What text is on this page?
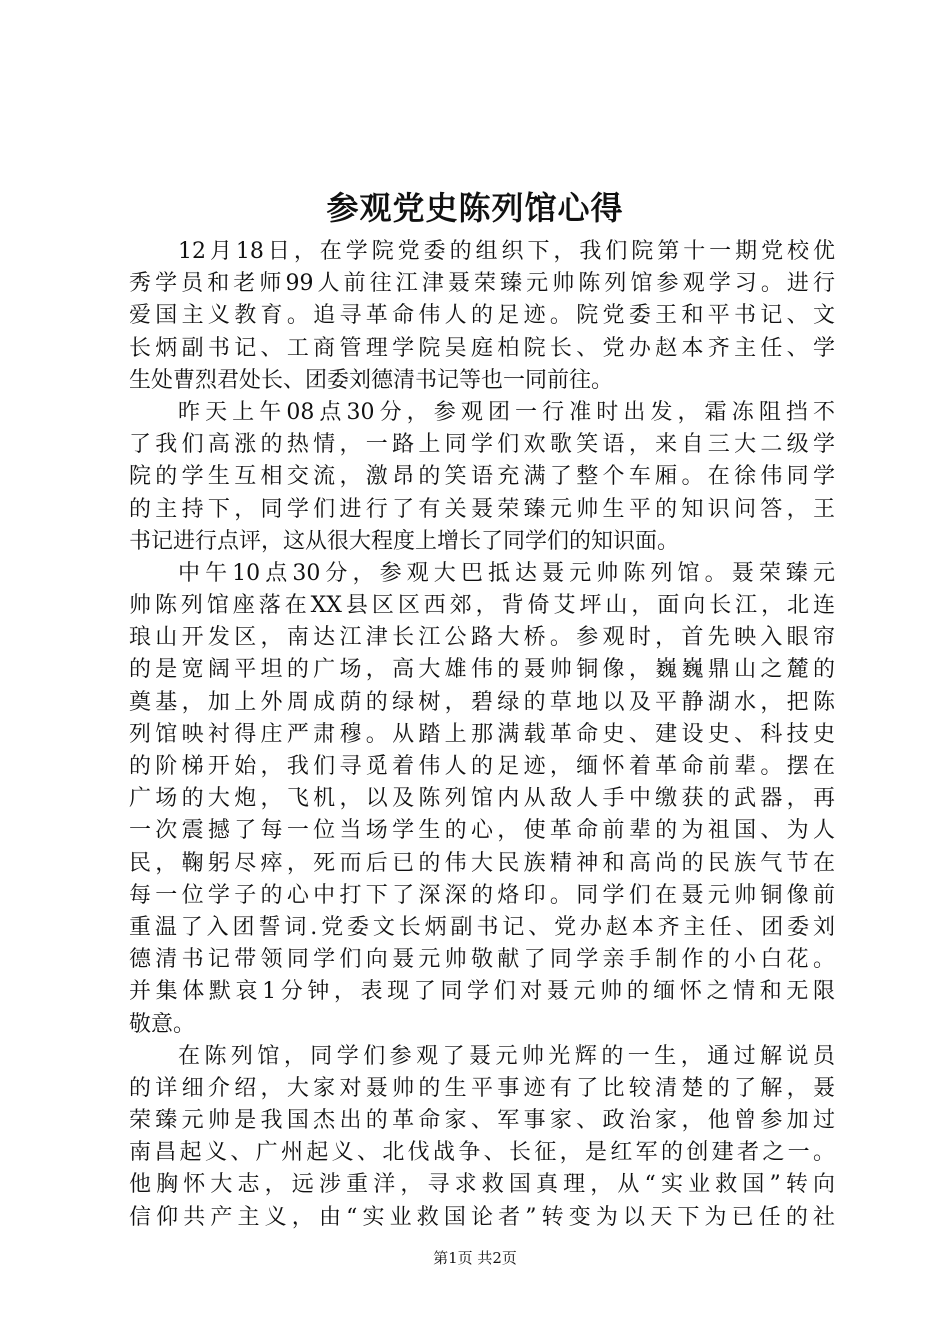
参观党史陈列馆心得
12月18日，在学院党委的组织下，我们院第十一期党校优
秀学员和老师99人前往江津聂荣臻元帅陈列馆参观学习。进行
爱国主义教育。追寻革命伟人的足迹。院党委王和平书记、文
长炳副书记、工商管理学院吴庭柏院长、党办赵本齐主任、学
生处曹烈君处长、团委刘德清书记等也一同前往。
昨天上午08点30分，参观团一行准时出发，霜冻阻挡不
了我们高涨的热情，一路上同学们欢歌笑语，来自三大二级学
院的学生互相交流，激昂的笑语充满了整个车厢。在徐伟同学
的主持下，同学们进行了有关聂荣臻元帅生平的知识问答，王
书记进行点评，这从很大程度上增长了同学们的知识面。
中午10点30分，参观大巴抵达聂元帅陈列馆。聂荣臻元
帅陈列馆座落在XX县区区西郊，背倚艾坪山，面向长江，北连
琅山开发区，南达江津长江公路大桥。参观时，首先映入眼帘
的是宽阔平坦的广场，高大雄伟的聂帅铜像，巍巍鼎山之麓的
奠基，加上外周成荫的绿树，碧绿的草地以及平静湖水，把陈
列馆映衬得庄严肃穆。从踏上那满载革命史、建设史、科技史
的阶梯开始，我们寻觅着伟人的足迹，缅怀着革命前辈。摆在
广场的大炮，飞机，以及陈列馆内从敌人手中缴获的武器，再
一次震撼了每一位当场学生的心，使革命前辈的为祖国、为人
民，鞠躬尽瘁，死而后已的伟大民族精神和高尚的民族气节在
每一位学子的心中打下了深深的烙印。同学们在聂元帅铜像前
重温了入团誓词.党委文长炳副书记、党办赵本齐主任、团委刘
德清书记带领同学们向聂元帅敬献了同学亲手制作的小白花。
并集体默哀1分钟，表现了同学们对聂元帅的缅怀之情和无限
敬意。
在陈列馆，同学们参观了聂元帅光辉的一生，通过解说员
的详细介绍，大家对聂帅的生平事迹有了比较清楚的了解，聂
荣臻元帅是我国杰出的革命家、军事家、政治家，他曾参加过
南昌起义、广州起义、北伐战争、长征，是红军的创建者之一。
他胸怀大志，远涉重洋，寻求救国真理，从“实业救国”转向
信仰共产主义，由“实业救国论者”转变为以天下为已任的社
第1页 共2页
